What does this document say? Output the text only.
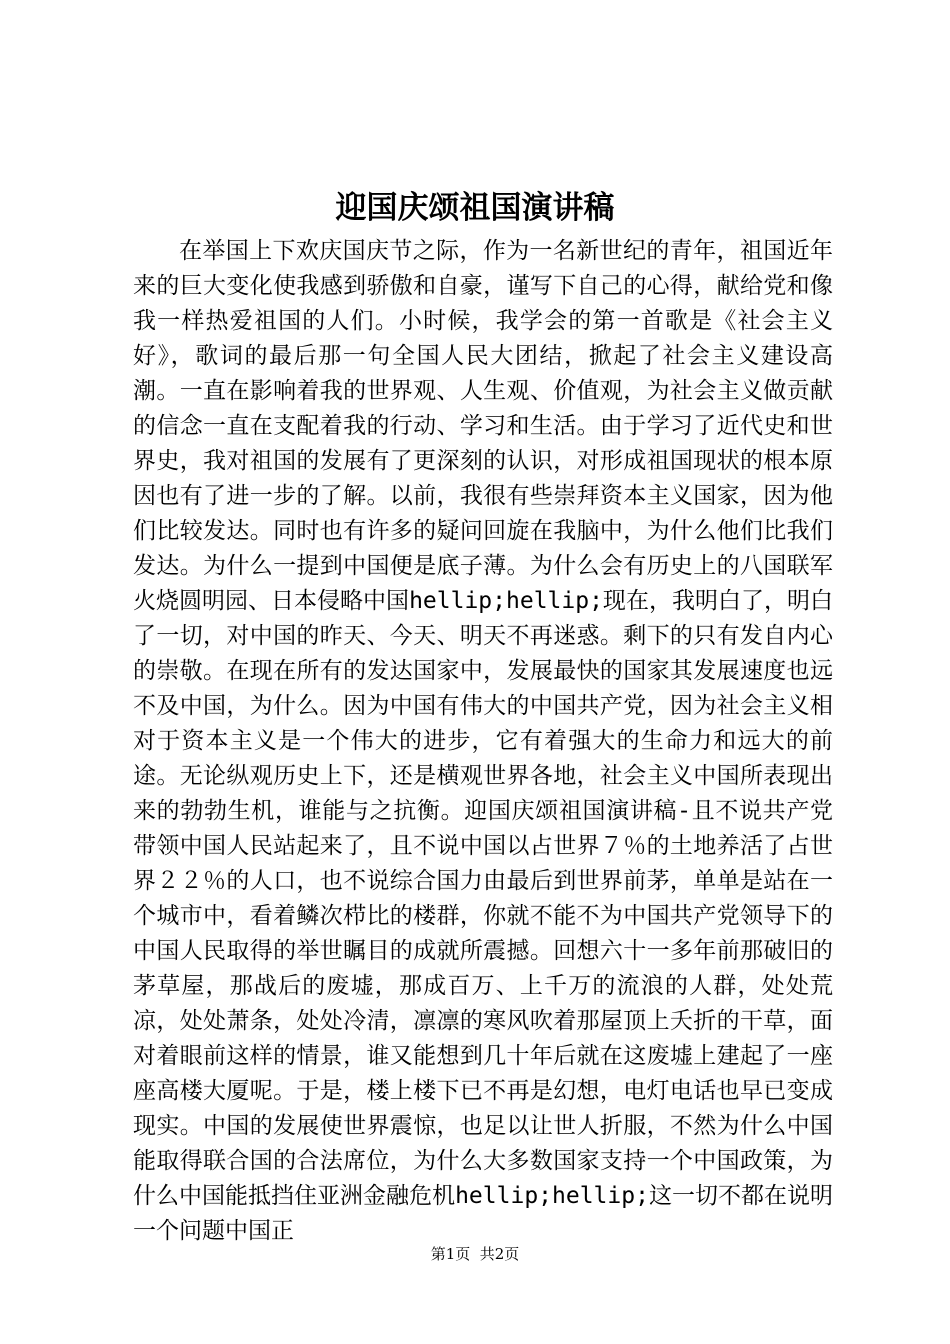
迎国庆颂祖国演讲稿

在举国上下欢庆国庆节之际，作为一名新世纪的青年，祖国近年来的巨大变化使我感到骄傲和自豪，谨写下自己的心得，献给党和像我一样热爱祖国的人们。小时候，我学会的第一首歌是《社会主义好》，歌词的最后那一句全国人民大团结，掀起了社会主义建设高潮。一直在影响着我的世界观、人生观、价值观，为社会主义做贡献的信念一直在支配着我的行动、学习和生活。由于学习了近代史和世界史，我对祖国的发展有了更深刻的认识，对形成祖国现状的根本原因也有了进一步的了解。以前，我很有些崇拜资本主义国家，因为他们比较发达。同时也有许多的疑问回旋在我脑中，为什么他们比我们发达。为什么一提到中国便是底子薄。为什么会有历史上的八国联军火烧圆明园、日本侵略中国hellip;hellip;现在，我明白了，明白了一切，对中国的昨天、今天、明天不再迷惑。剩下的只有发自内心的崇敬。在现在所有的发达国家中，发展最快的国家其发展速度也远不及中国，为什么。因为中国有伟大的中国共产党，因为社会主义相对于资本主义是一个伟大的进步，它有着强大的生命力和远大的前途。无论纵观历史上下，还是横观世界各地，社会主义中国所表现出来的勃勃生机，谁能与之抗衡。迎国庆颂祖国演讲稿-且不说共产党带领中国人民站起来了，且不说中国以占世界７％的土地养活了占世界２２％的人口，也不说综合国力由最后到世界前茅，单单是站在一个城市中，看着鳞次栉比的楼群，你就不能不为中国共产党领导下的中国人民取得的举世瞩目的成就所震撼。回想六十一多年前那破旧的茅草屋，那战后的废墟，那成百万、上千万的流浪的人群，处处荒凉，处处萧条，处处冷清，凛凛的寒风吹着那屋顶上夭折的干草，面对着眼前这样的情景，谁又能想到几十年后就在这废墟上建起了一座座高楼大厦呢。于是，楼上楼下已不再是幻想，电灯电话也早已变成现实。中国的发展使世界震惊，也足以让世人折服，不然为什么中国能取得联合国的合法席位，为什么大多数国家支持一个中国政策，为什么中国能抵挡住亚洲金融危机hellip;hellip;这一切不都在说明一个问题中国正

第1页  共2页
